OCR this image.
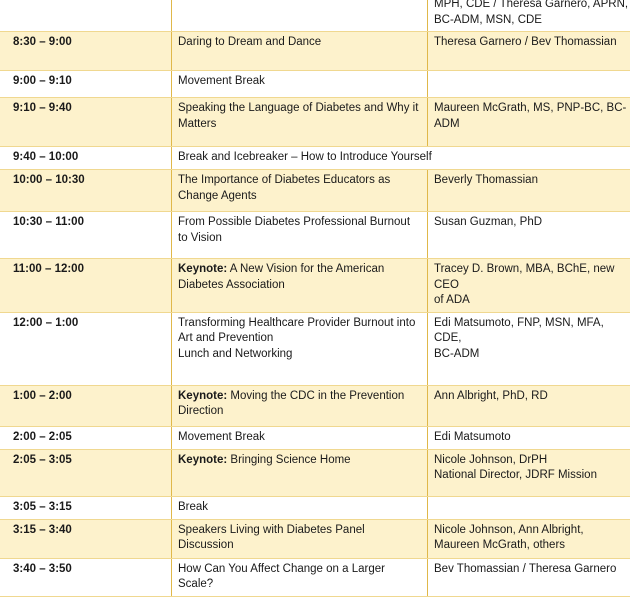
		MPH, CDE / Theresa Garnero, APRN,
BC-ADM, MSN, CDE

8:30 – 9:00	Daring to Dream and Dance	Theresa Garnero / Bev Thomassian

9:00 – 9:10	Movement Break	

9:10 – 9:40	Speaking the Language of Diabetes and Why it
Matters	Maureen McGrath, MS, PNP-BC, BC-
ADM

9:40 – 10:00	Break and Icebreaker – How to Introduce Yourself	
10:00 – 10:30	The Importance of Diabetes Educators as
Change Agents	Beverly Thomassian

10:30 – 11:00	From Possible Diabetes Professional Burnout
to Vision	Susan Guzman, PhD

11:00 – 12:00	Keynote: A New Vision for the American
Diabetes Association	Tracey D. Brown, MBA, BChE, new CEO
of ADA

12:00 – 1:00	Transforming Healthcare Provider Burnout into
Art and Prevention
Lunch and Networking	Edi Matsumoto, FNP, MSN, MFA, CDE,
BC-ADM

1:00 – 2:00	Keynote: Moving the CDC in the Prevention
Direction	Ann Albright, PhD, RD

2:00 – 2:05	Movement Break	Edi Matsumoto

2:05 – 3:05	Keynote: Bringing Science Home	Nicole Johnson, DrPH
National Director, JDRF Mission

3:05 – 3:15	Break	

3:15 – 3:40	Speakers Living with Diabetes Panel Discussion	Nicole Johnson, Ann Albright,
Maureen McGrath, others

3:40 – 3:50	How Can You Affect Change on a Larger Scale?	Bev Thomassian / Theresa Garnero
